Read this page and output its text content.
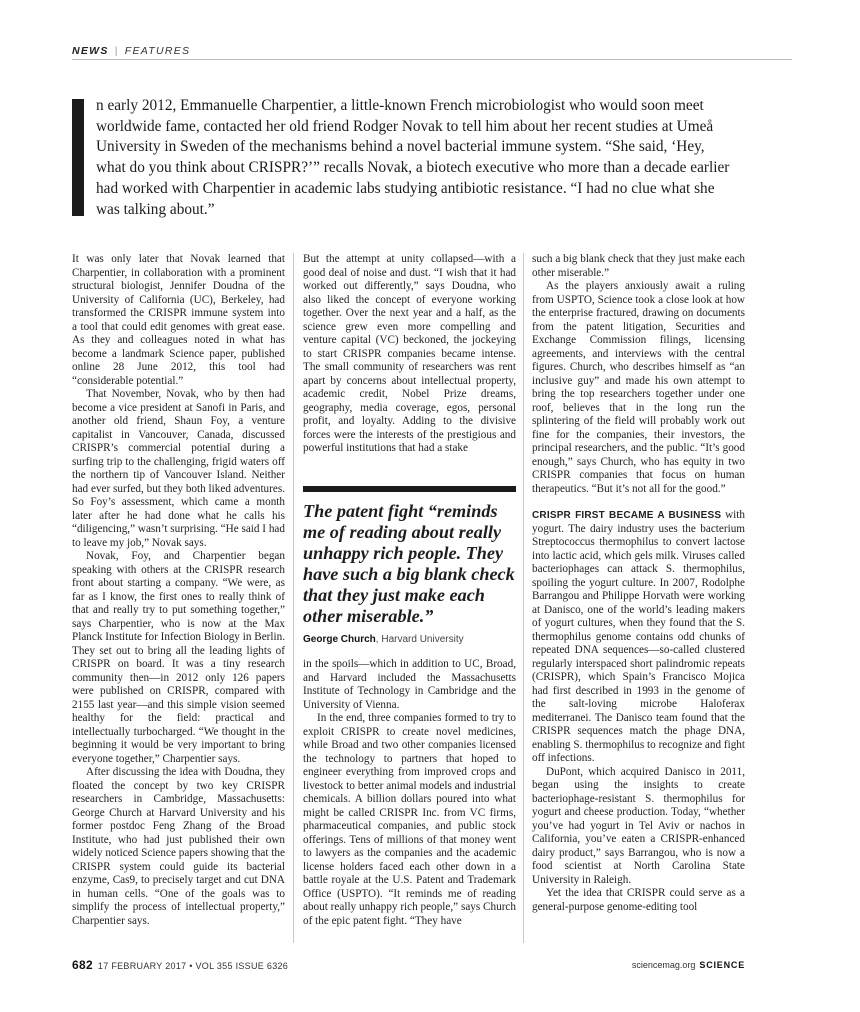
NEWS | FEATURES

n early 2012, Emmanuelle Charpentier, a little-known French microbiologist who would soon meet worldwide fame, contacted her old friend Rodger Novak to tell him about her recent studies at Umeå University in Sweden of the mechanisms behind a novel bacterial immune system. “She said, ‘Hey, what do you think about CRISPR?’” recalls Novak, a biotech executive who more than a decade earlier had worked with Charpentier in academic labs studying antibiotic resistance. “I had no clue what she was talking about.”

It was only later that Novak learned that Charpentier, in collaboration with a prominent structural biologist, Jennifer Doudna of the University of California (UC), Berkeley, had transformed the CRISPR immune system into a tool that could edit genomes with great ease. As they and colleagues noted in what has become a landmark Science paper, published online 28 June 2012, this tool had “considerable potential.”

That November, Novak, who by then had become a vice president at Sanofi in Paris, and another old friend, Shaun Foy, a venture capitalist in Vancouver, Canada, discussed CRISPR’s commercial potential during a surfing trip to the challenging, frigid waters off the northern tip of Vancouver Island. Neither had ever surfed, but they both liked adventures. So Foy’s assessment, which came a month later after he had done what he calls his “diligencing,” wasn’t surprising. “He said I had to leave my job,” Novak says.

Novak, Foy, and Charpentier began speaking with others at the CRISPR research front about starting a company. “We were, as far as I know, the first ones to really think of that and really try to put something together,” says Charpentier, who is now at the Max Planck Institute for Infection Biology in Berlin. They set out to bring all the leading lights of CRISPR on board. It was a tiny research community then—in 2012 only 126 papers were published on CRISPR, compared with 2155 last year—and this simple vision seemed healthy for the field: practical and intellectually turbocharged. “We thought in the beginning it would be very important to bring everyone together,” Charpentier says.

After discussing the idea with Doudna, they floated the concept by two key CRISPR researchers in Cambridge, Massachusetts: George Church at Harvard University and his former postdoc Feng Zhang of the Broad Institute, who had just published their own widely noticed Science papers showing that the CRISPR system could guide its bacterial enzyme, Cas9, to precisely target and cut DNA in human cells. “One of the goals was to simplify the process of intellectual property,” Charpentier says.

But the attempt at unity collapsed—with a good deal of noise and dust. “I wish that it had worked out differently,” says Doudna, who also liked the concept of everyone working together. Over the next year and a half, as the science grew even more compelling and venture capital (VC) beckoned, the jockeying to start CRISPR companies became intense. The small community of researchers was rent apart by concerns about intellectual property, academic credit, Nobel Prize dreams, geography, media coverage, egos, personal profit, and loyalty. Adding to the divisive forces were the interests of the prestigious and powerful institutions that had a stake

The patent fight “reminds me of reading about really unhappy rich people. They have such a big blank check that they just make each other miserable.”

George Church, Harvard University

in the spoils—which in addition to UC, Broad, and Harvard included the Massachusetts Institute of Technology in Cambridge and the University of Vienna.

In the end, three companies formed to try to exploit CRISPR to create novel medicines, while Broad and two other companies licensed the technology to partners that hoped to engineer everything from improved crops and livestock to better animal models and industrial chemicals. A billion dollars poured into what might be called CRISPR Inc. from VC firms, pharmaceutical companies, and public stock offerings. Tens of millions of that money went to lawyers as the companies and the academic license holders faced each other down in a battle royale at the U.S. Patent and Trademark Office (USPTO). “It reminds me of reading about really unhappy rich people,” says Church of the epic patent fight. “They have

such a big blank check that they just make each other miserable.”

As the players anxiously await a ruling from USPTO, Science took a close look at how the enterprise fractured, drawing on documents from the patent litigation, Securities and Exchange Commission filings, licensing agreements, and interviews with the central figures. Church, who describes himself as “an inclusive guy” and made his own attempt to bring the top researchers together under one roof, believes that in the long run the splintering of the field will probably work out fine for the companies, their investors, the principal researchers, and the public. “It’s good enough,” says Church, who has equity in two CRISPR companies that focus on human therapeutics. “But it’s not all for the good.”

CRISPR FIRST BECAME A BUSINESS with yogurt. The dairy industry uses the bacterium Streptococcus thermophilus to convert lactose into lactic acid, which gels milk. Viruses called bacteriophages can attack S. thermophilus, spoiling the yogurt culture. In 2007, Rodolphe Barrangou and Philippe Horvath were working at Danisco, one of the world’s leading makers of yogurt cultures, when they found that the S. thermophilus genome contains odd chunks of repeated DNA sequences—so-called clustered regularly interspaced short palindromic repeats (CRISPR), which Spain’s Francisco Mojica had first described in 1993 in the genome of the salt-loving microbe Haloferax mediterranei. The Danisco team found that the CRISPR sequences match the phage DNA, enabling S. thermophilus to recognize and fight off infections.

DuPont, which acquired Danisco in 2011, began using the insights to create bacteriophage-resistant S. thermophilus for yogurt and cheese production. Today, “whether you’ve had yogurt in Tel Aviv or nachos in California, you’ve eaten a CRISPR-enhanced dairy product,” says Barrangou, who is now a food scientist at North Carolina State University in Raleigh.

Yet the idea that CRISPR could serve as a general-purpose genome-editing tool

682 17 FEBRUARY 2017 • VOL 355 ISSUE 6326	sciencemag.org SCIENCE
